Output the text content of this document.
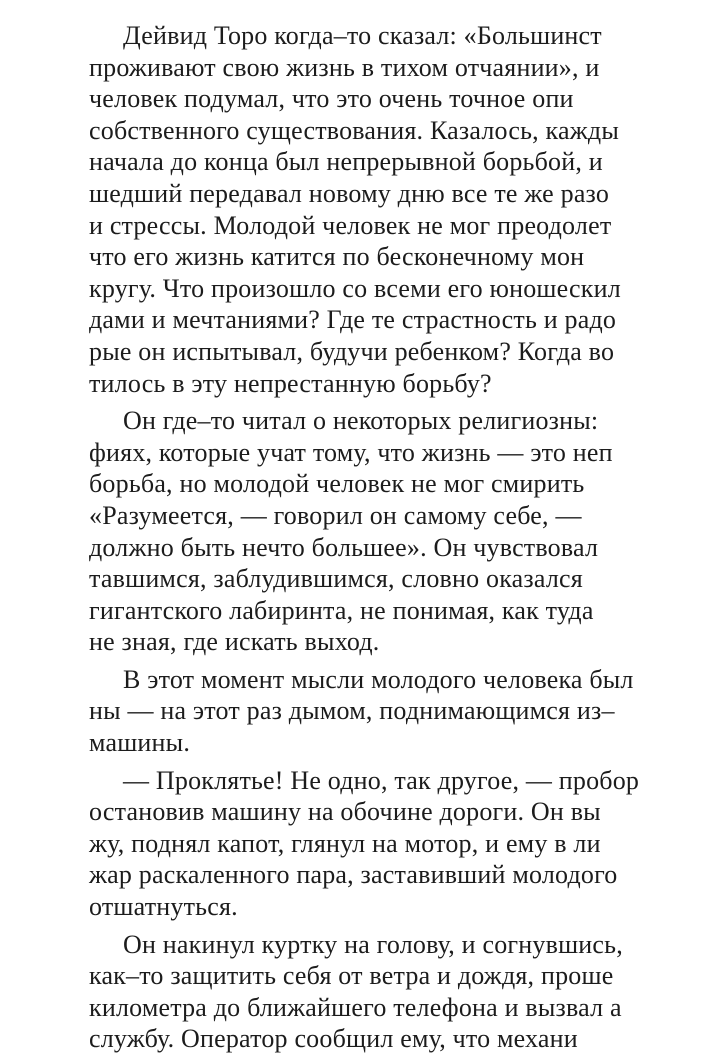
Дейвид Торо когда–то сказал: «Большинст
проживают свою жизнь в тихом отчаянии», и
человек подумал, что это очень точное опи
собственного существования. Казалось, кажды
начала до конца был непрерывной борьбой, и
шедший передавал новому дню все те же разо
и стрессы. Молодой человек не мог преодолет
что его жизнь катится по бесконечному мон
кругу. Что произошло со всеми его юношескил
дами и мечтаниями? Где те страстность и радо
рые он испытывал, будучи ребенком? Когда во
тилось в эту непрестанную борьбу?
Он где–то читал о некоторых религиозны:
фиях, которые учат тому, что жизнь — это неп
борьба, но молодой человек не мог смирить
«Разумеется, — говорил он самому себе, —
должно быть нечто большее». Он чувствовал
тавшимся, заблудившимся, словно оказался
гигантского лабиринта, не понимая, как туда
не зная, где искать выход.
В этот момент мысли молодого человека был
ны — на этот раз дымом, поднимающимся из–
машины.
— Проклятье! Не одно, так другое, — пробор
остановив машину на обочине дороги. Он вы
жу, поднял капот, глянул на мотор, и ему в ли
жар раскаленного пара, заставивший молодого
отшатнуться.
Он накинул куртку на голову, и согнувшись,
как–то защитить себя от ветра и дождя, проше
километра до ближайшего телефона и вызвал а
службу. Оператор сообщил ему, что механи
